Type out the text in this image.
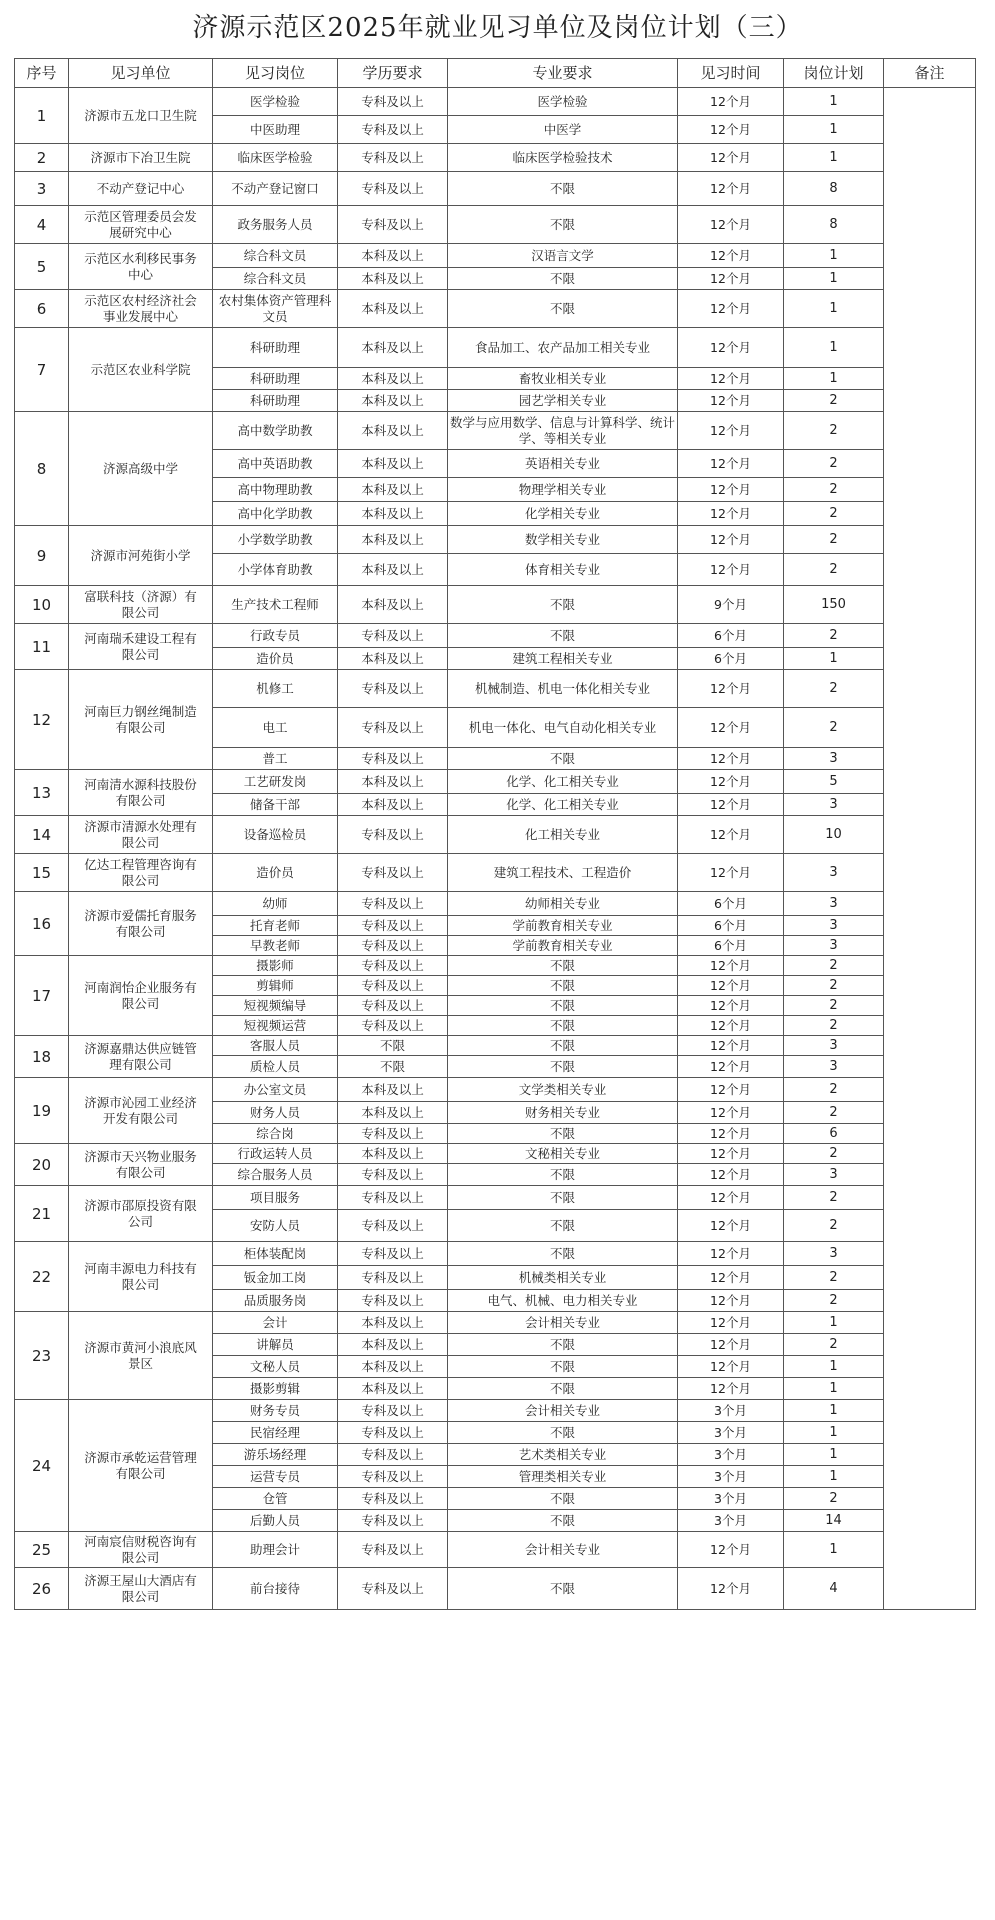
济源示范区2025年就业见习单位及岗位计划（三）
序号	见习单位	见习岗位	学历要求	专业要求	见习时间	岗位计划	备注
1	济源市五龙口卫生院	医学检验	专科及以上	医学检验	12个月	1	
		中医助理	专科及以上	中医学	12个月	1	
2	济源市下冶卫生院	临床医学检验	专科及以上	临床医学检验技术	12个月	1	
3	不动产登记中心	不动产登记窗口	专科及以上	不限	12个月	8	
4	示范区管理委员会发展研究中心	政务服务人员	专科及以上	不限	12个月	8	
5	示范区水利移民事务中心	综合科文员	本科及以上	汉语言文学	12个月	1	
		综合科文员	本科及以上	不限	12个月	1	
6	示范区农村经济社会事业发展中心	农村集体资产管理科文员	本科及以上	不限	12个月	1	
7	示范区农业科学院	科研助理	本科及以上	食品加工、农产品加工相关专业	12个月	1	
		科研助理	本科及以上	畜牧业相关专业	12个月	1	
		科研助理	本科及以上	园艺学相关专业	12个月	2	
8	济源高级中学	高中数学助教	本科及以上	数学与应用数学、信息与计算科学、统计学、等相关专业	12个月	2	
		高中英语助教	本科及以上	英语相关专业	12个月	2	
		高中物理助教	本科及以上	物理学相关专业	12个月	2	
		高中化学助教	本科及以上	化学相关专业	12个月	2	
9	济源市河苑街小学	小学数学助教	本科及以上	数学相关专业	12个月	2	
		小学体育助教	本科及以上	体育相关专业	12个月	2	
10	富联科技（济源）有限公司	生产技术工程师	本科及以上	不限	9个月	150	
11	河南瑞禾建设工程有限公司	行政专员	专科及以上	不限	6个月	2	
		造价员	本科及以上	建筑工程相关专业	6个月	1	
12	河南巨力钢丝绳制造有限公司	机修工	专科及以上	机械制造、机电一体化相关专业	12个月	2	
		电工	专科及以上	机电一体化、电气自动化相关专业	12个月	2	
		普工	专科及以上	不限	12个月	3	
13	河南清水源科技股份有限公司	工艺研发岗	本科及以上	化学、化工相关专业	12个月	5	
		储备干部	本科及以上	化学、化工相关专业	12个月	3	
14	济源市清源水处理有限公司	设备巡检员	专科及以上	化工相关专业	12个月	10	
15	亿达工程管理咨询有限公司	造价员	专科及以上	建筑工程技术、工程造价	12个月	3	
16	济源市爱儒托育服务有限公司	幼师	专科及以上	幼师相关专业	6个月	3	
		托育老师	专科及以上	学前教育相关专业	6个月	3	
		早教老师	专科及以上	学前教育相关专业	6个月	3	
17	河南润怡企业服务有限公司	摄影师	专科及以上	不限	12个月	2	
		剪辑师	专科及以上	不限	12个月	2	
		短视频编导	专科及以上	不限	12个月	2	
		短视频运营	专科及以上	不限	12个月	2	
18	济源嘉鼎达供应链管理有限公司	客服人员	不限	不限	12个月	3	
		质检人员	不限	不限	12个月	3	
19	济源市沁园工业经济开发有限公司	办公室文员	本科及以上	文学类相关专业	12个月	2	
		财务人员	本科及以上	财务相关专业	12个月	2	
		综合岗	专科及以上	不限	12个月	6	
20	济源市天兴物业服务有限公司	行政运转人员	本科及以上	文秘相关专业	12个月	2	
		综合服务人员	专科及以上	不限	12个月	3	
21	济源市邵原投资有限公司	项目服务	专科及以上	不限	12个月	2	
		安防人员	专科及以上	不限	12个月	2	
22	河南丰源电力科技有限公司	柜体装配岗	专科及以上	不限	12个月	3	
		钣金加工岗	专科及以上	机械类相关专业	12个月	2	
		品质服务岗	专科及以上	电气、机械、电力相关专业	12个月	2	
23	济源市黄河小浪底风景区	会计	本科及以上	会计相关专业	12个月	1	
		讲解员	本科及以上	不限	12个月	2	
		文秘人员	本科及以上	不限	12个月	1	
		摄影剪辑	本科及以上	不限	12个月	1	
24	济源市承乾运营管理有限公司	财务专员	专科及以上	会计相关专业	3个月	1	
		民宿经理	专科及以上	不限	3个月	1	
		游乐场经理	专科及以上	艺术类相关专业	3个月	1	
		运营专员	专科及以上	管理类相关专业	3个月	1	
		仓管	专科及以上	不限	3个月	2	
		后勤人员	专科及以上	不限	3个月	14	
25	河南宸信财税咨询有限公司	助理会计	专科及以上	会计相关专业	12个月	1	
26	济源王屋山大酒店有限公司	前台接待	专科及以上	不限	12个月	4	
